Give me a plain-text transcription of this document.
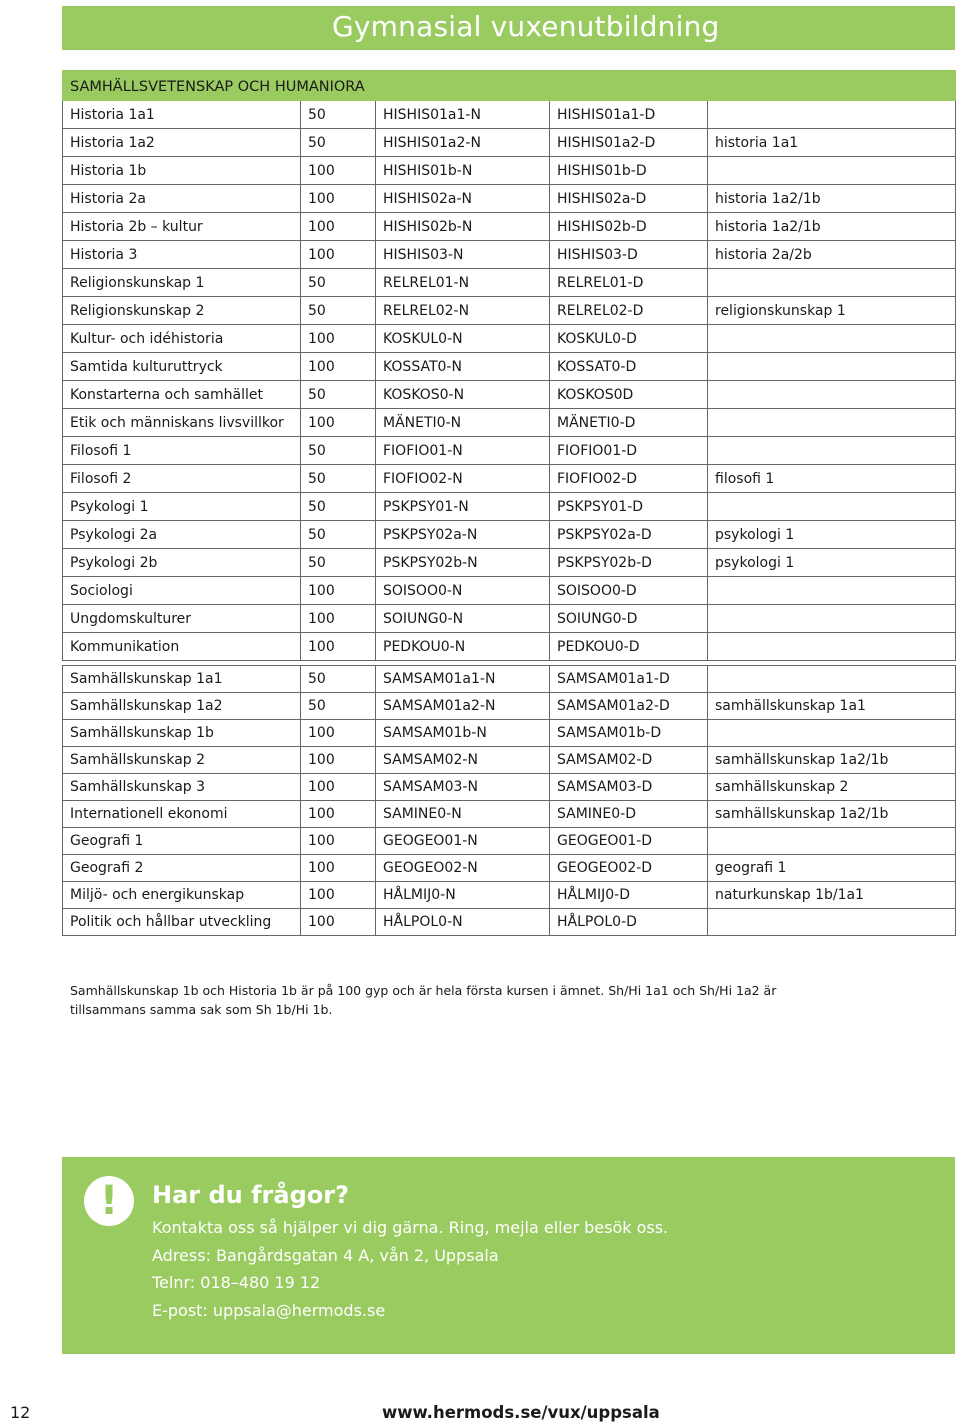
Gymnasial vuxenutbildning
SAMHÄLLSVETENSKAP OCH HUMANIORA				
Historia 1a1	50	HISHIS01a1-N	HISHIS01a1-D	
Historia 1a2	50	HISHIS01a2-N	HISHIS01a2-D	historia 1a1
Historia 1b	100	HISHIS01b-N	HISHIS01b-D	
Historia 2a	100	HISHIS02a-N	HISHIS02a-D	historia 1a2/1b
Historia 2b – kultur	100	HISHIS02b-N	HISHIS02b-D	historia 1a2/1b
Historia 3	100	HISHIS03-N	HISHIS03-D	historia 2a/2b
Religionskunskap 1	50	RELREL01-N	RELREL01-D	
Religionskunskap 2	50	RELREL02-N	RELREL02-D	religionskunskap 1
Kultur- och idéhistoria	100	KOSKUL0-N	KOSKUL0-D	
Samtida kulturuttryck	100	KOSSAT0-N	KOSSAT0-D	
Konstarterna och samhället	50	KOSKOS0-N	KOSKOS0D	
Etik och människans livsvillkor	100	MÄNETI0-N	MÄNETI0-D	
Filosofi 1	50	FIOFIO01-N	FIOFIO01-D	
Filosofi 2	50	FIOFIO02-N	FIOFIO02-D	filosofi 1
Psykologi 1	50	PSKPSY01-N	PSKPSY01-D	
Psykologi 2a	50	PSKPSY02a-N	PSKPSY02a-D	psykologi 1
Psykologi 2b	50	PSKPSY02b-N	PSKPSY02b-D	psykologi 1
Sociologi	100	SOISOO0-N	SOISOO0-D	
Ungdomskulturer	100	SOIUNG0-N	SOIUNG0-D	
Kommunikation	100	PEDKOU0-N	PEDKOU0-D	

Samhällskunskap 1a1	50	SAMSAM01a1-N	SAMSAM01a1-D	
Samhällskunskap 1a2	50	SAMSAM01a2-N	SAMSAM01a2-D	samhällskunskap 1a1
Samhällskunskap 1b	100	SAMSAM01b-N	SAMSAM01b-D	
Samhällskunskap 2	100	SAMSAM02-N	SAMSAM02-D	samhällskunskap 1a2/1b
Samhällskunskap 3	100	SAMSAM03-N	SAMSAM03-D	samhällskunskap 2
Internationell ekonomi	100	SAMINE0-N	SAMINE0-D	samhällskunskap 1a2/1b
Geografi 1	100	GEOGEO01-N	GEOGEO01-D	
Geografi 2	100	GEOGEO02-N	GEOGEO02-D	geografi 1
Miljö- och energikunskap	100	HÅLMIJ0-N	HÅLMIJ0-D	naturkunskap 1b/1a1
Politik och hållbar utveckling	100	HÅLPOL0-N	HÅLPOL0-D	
Samhällskunskap 1b och Historia 1b är på 100 gyp och är hela första kursen i ämnet. Sh/Hi 1a1 och Sh/Hi 1a2 är tillsammans samma sak som Sh 1b/Hi 1b.
!	Har du frågor?
Kontakta oss så hjälper vi dig gärna. Ring, mejla eller besök oss.
Adress: Bangårdsgatan 4 A, vån 2, Uppsala
Telnr: 018–480 19 12
E-post: uppsala@hermods.se
12	www.hermods.se/vux/uppsala
